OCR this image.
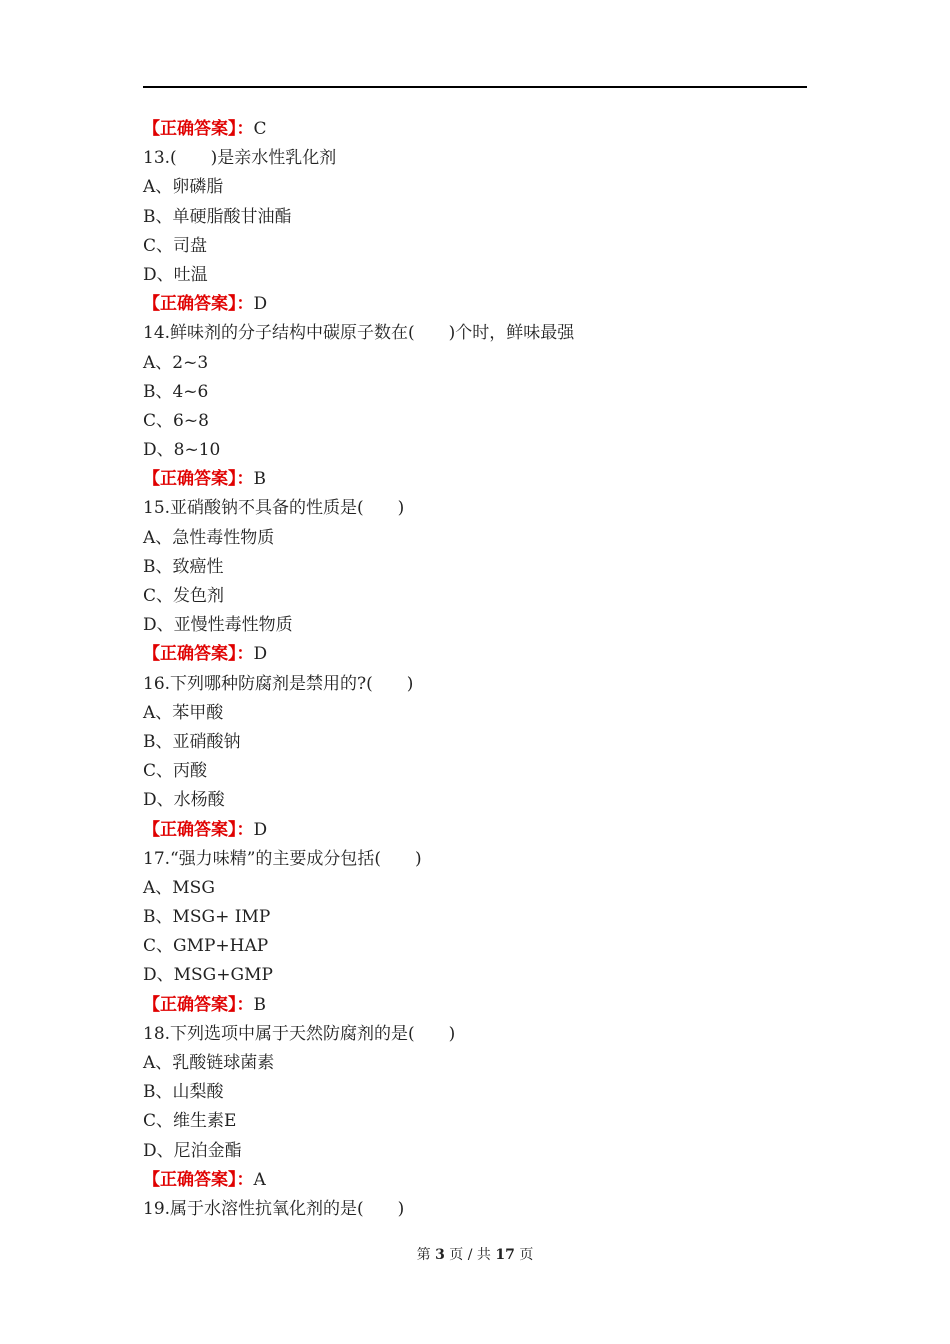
【正确答案】：C
13.(　　)是亲水性乳化剂
A、卵磷脂
B、单硬脂酸甘油酯
C、司盘
D、吐温
【正确答案】：D
14.鲜味剂的分子结构中碳原子数在(　　)个时，鲜味最强
A、2~3
B、4~6
C、6~8
D、8~10
【正确答案】：B
15.亚硝酸钠不具备的性质是(　　)
A、急性毒性物质
B、致癌性
C、发色剂
D、亚慢性毒性物质
【正确答案】：D
16.下列哪种防腐剂是禁用的?(　　)
A、苯甲酸
B、亚硝酸钠
C、丙酸
D、水杨酸
【正确答案】：D
17.“强力味精”的主要成分包括(　　)
A、MSG
B、MSG+ IMP
C、GMP+HAP
D、MSG+GMP
【正确答案】：B
18.下列选项中属于天然防腐剂的是(　　)
A、乳酸链球菌素
B、山梨酸
C、维生素E
D、尼泊金酯
【正确答案】：A
19.属于水溶性抗氧化剂的是(　　)
第 3 页 / 共 17 页
